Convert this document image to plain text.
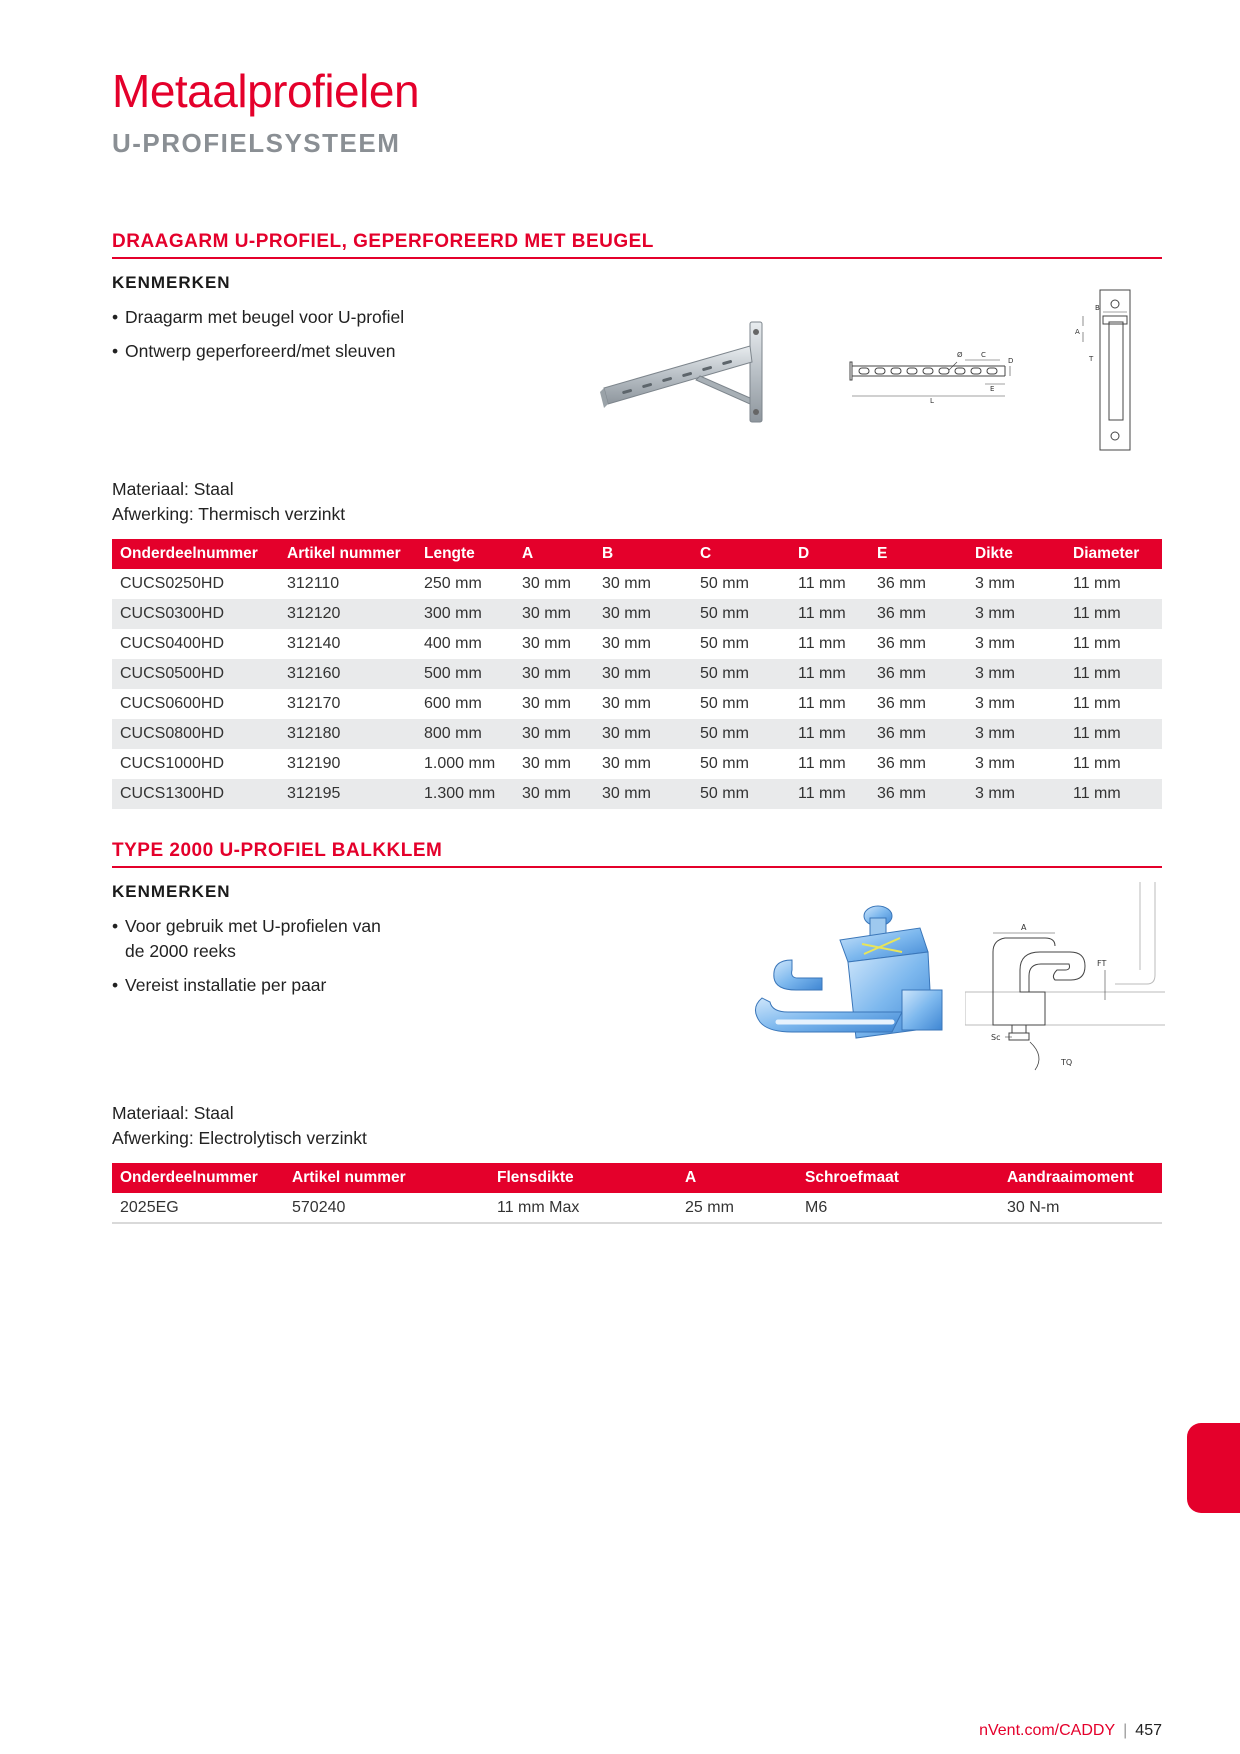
Metaalprofielen
U-PROFIELSYSTEEM
DRAAGARM U-PROFIEL, GEPERFOREERD MET BEUGEL
KENMERKEN
• Draagarm met beugel voor U-profiel
• Ontwerp geperforeerd/met sleuven	Ø	C
D
E
L
B
A
T
Materiaal: Staal
Afwerking: Thermisch verzinkt
Onderdeelnummer	Artikel nummer	Lengte	A	B	C	D	E	Dikte	Diameter
CUCS0250HD	312110	250 mm	30 mm	30 mm	50 mm	11 mm	36 mm	3 mm	11 mm
CUCS0300HD	312120	300 mm	30 mm	30 mm	50 mm	11 mm	36 mm	3 mm	11 mm
CUCS0400HD	312140	400 mm	30 mm	30 mm	50 mm	11 mm	36 mm	3 mm	11 mm
CUCS0500HD	312160	500 mm	30 mm	30 mm	50 mm	11 mm	36 mm	3 mm	11 mm
CUCS0600HD	312170	600 mm	30 mm	30 mm	50 mm	11 mm	36 mm	3 mm	11 mm
CUCS0800HD	312180	800 mm	30 mm	30 mm	50 mm	11 mm	36 mm	3 mm	11 mm
CUCS1000HD	312190	1.000 mm	30 mm	30 mm	50 mm	11 mm	36 mm	3 mm	11 mm
CUCS1300HD	312195	1.300 mm	30 mm	30 mm	50 mm	11 mm	36 mm	3 mm	11 mm
TYPE 2000 U-PROFIEL BALKKLEM
KENMERKEN
• Voor gebruik met U-profielen van de 2000 reeks
• Vereist installatie per paar
A
FT
Sc
TQ
Materiaal: Staal
Afwerking: Electrolytisch verzinkt
Onderdeelnummer	Artikel nummer	Flensdikte	A	Schroefmaat	Aandraaimoment
2025EG	570240	11 mm Max	25 mm	M6	30 N-m
nVent.com/CADDY | 457
